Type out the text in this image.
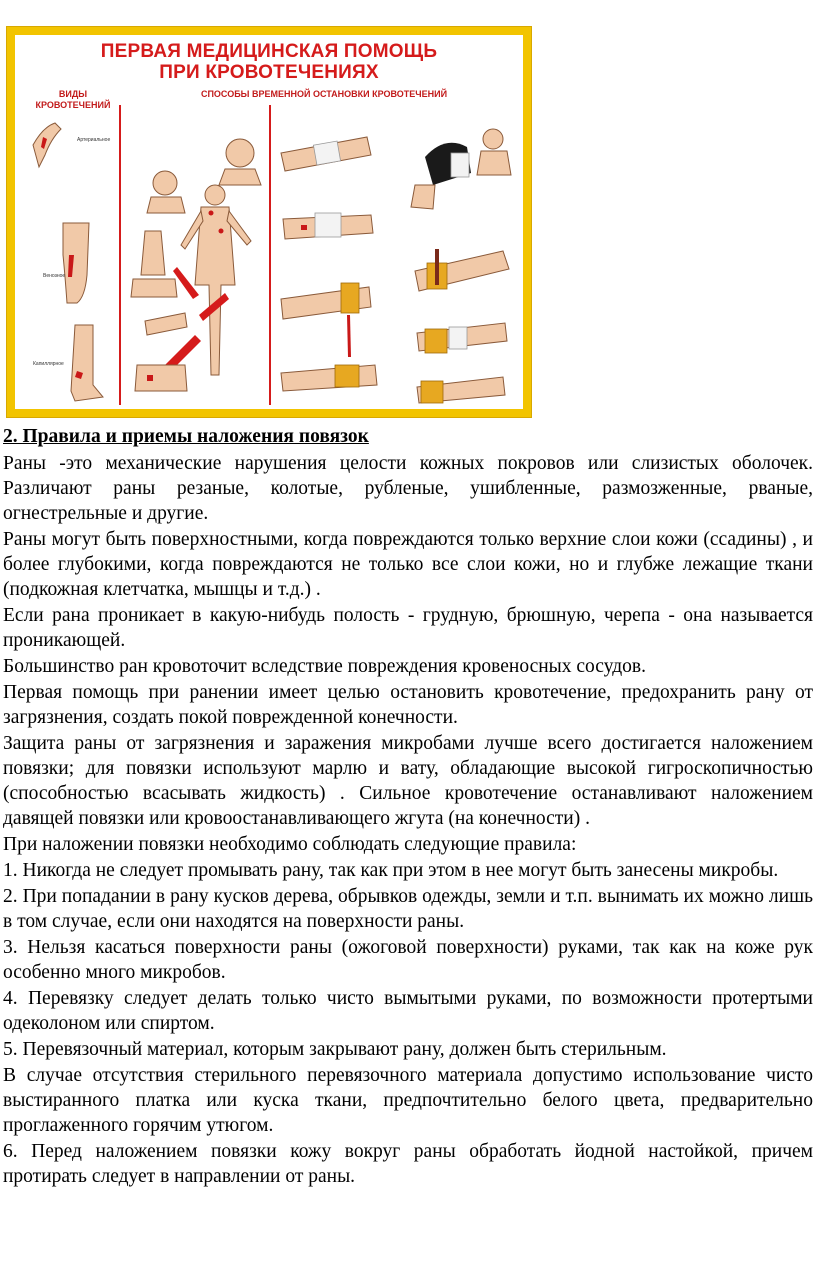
ПЕРВАЯ МЕДИЦИНСКАЯ ПОМОЩЬ
ПРИ КРОВОТЕЧЕНИЯХ
ВИДЫ КРОВОТЕЧЕНИЙ
СПОСОБЫ ВРЕМЕННОЙ ОСТАНОВКИ КРОВОТЕЧЕНИЙ
Артериальное
Венозное
Капиллярное
2. Правила и приемы наложения повязок

Раны -это механические нарушения целости кожных покровов или слизистых оболочек. Различают раны резаные, колотые, рубленые, ушибленные, размозженные, рваные, огнестрельные и другие.

Раны могут быть поверхностными, когда повреждаются только верхние слои кожи (ссадины) , и более глубокими, когда повреждаются не только все слои кожи, но и глубже лежащие ткани (подкожная клетчатка, мышцы и т.д.) .

Если рана проникает в какую-нибудь полость - грудную, брюшную, черепа - она называется проникающей.

Большинство ран кровоточит вследствие повреждения кровеносных сосудов.

Первая помощь при ранении имеет целью остановить кровотечение, предохранить рану от загрязнения, создать покой поврежденной конечности.

Защита раны от загрязнения и заражения микробами лучше всего достигается наложением повязки; для повязки используют марлю и вату, обладающие высокой гигроскопичностью (способностью всасывать жидкость) . Сильное кровотечение останавливают наложением давящей повязки или кровоостанавливающего жгута (на конечности) .

При наложении повязки необходимо соблюдать следующие правила:

1. Никогда не следует промывать рану, так как при этом в нее могут быть занесены микробы.

2. При попадании в рану кусков дерева, обрывков одежды, земли и т.п. вынимать их можно лишь в том случае, если они находятся на поверхности раны.

3. Нельзя касаться поверхности раны (ожоговой поверхности) руками, так как на коже рук особенно много микробов.

4. Перевязку следует делать только чисто вымытыми руками, по возможности протертыми одеколоном или спиртом.

5. Перевязочный материал, которым закрывают рану, должен быть стерильным.

В случае отсутствия стерильного перевязочного материала допустимо использование чисто выстиранного платка или куска ткани, предпочтительно белого цвета, предварительно проглаженного горячим утюгом.

6. Перед наложением повязки кожу вокруг раны обработать йодной настойкой, причем протирать следует в направлении от раны.
